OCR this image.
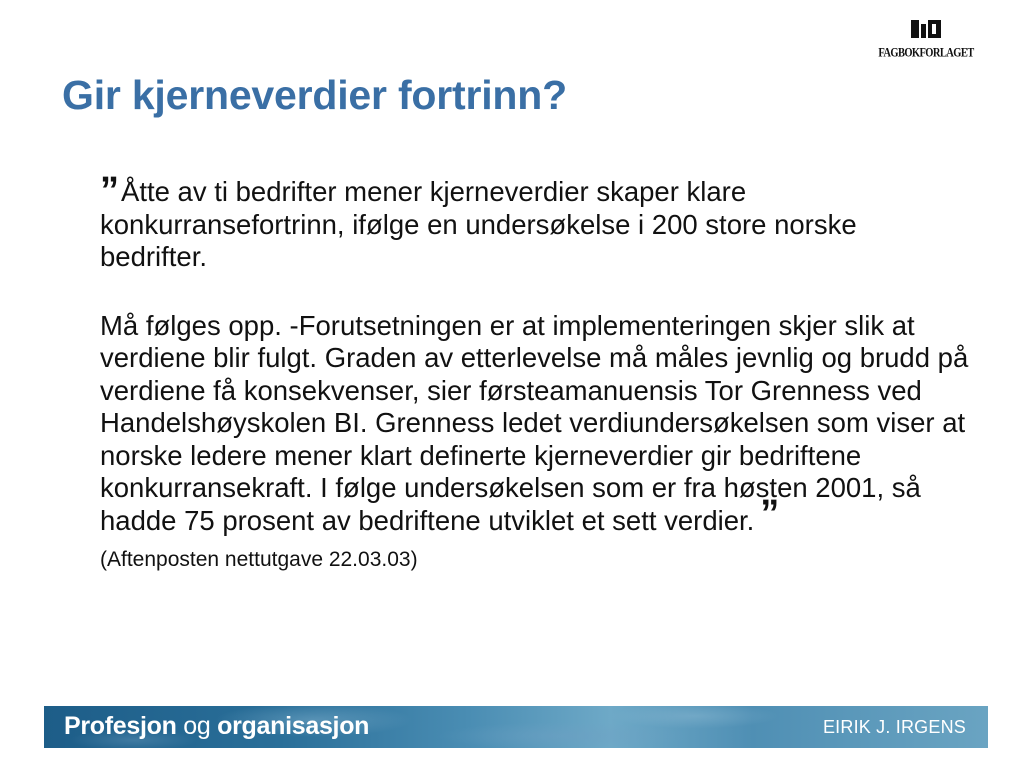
FAGBOKFORLAGET
Gir kjerneverdier fortrinn?

”Åtte av ti bedrifter mener kjerneverdier skaper klare konkurransefortrinn, ifølge en undersøkelse i 200 store norske bedrifter.

Må følges opp. -Forutsetningen er at implementeringen skjer slik at verdiene blir fulgt. Graden av etterlevelse må måles jevnlig og brudd på verdiene få konsekvenser, sier førsteamanuensis Tor Grenness ved Handelshøyskolen BI. Grenness ledet verdiundersøkelsen som viser at norske ledere mener klart definerte kjerneverdier gir bedriftene konkurransekraft. I følge undersøkelsen som er fra høsten 2001, så hadde 75 prosent av bedriftene utviklet et sett verdier. ”

(Aftenposten nettutgave 22.03.03)

Profesjon og organisasjon	EIRIK J. IRGENS
